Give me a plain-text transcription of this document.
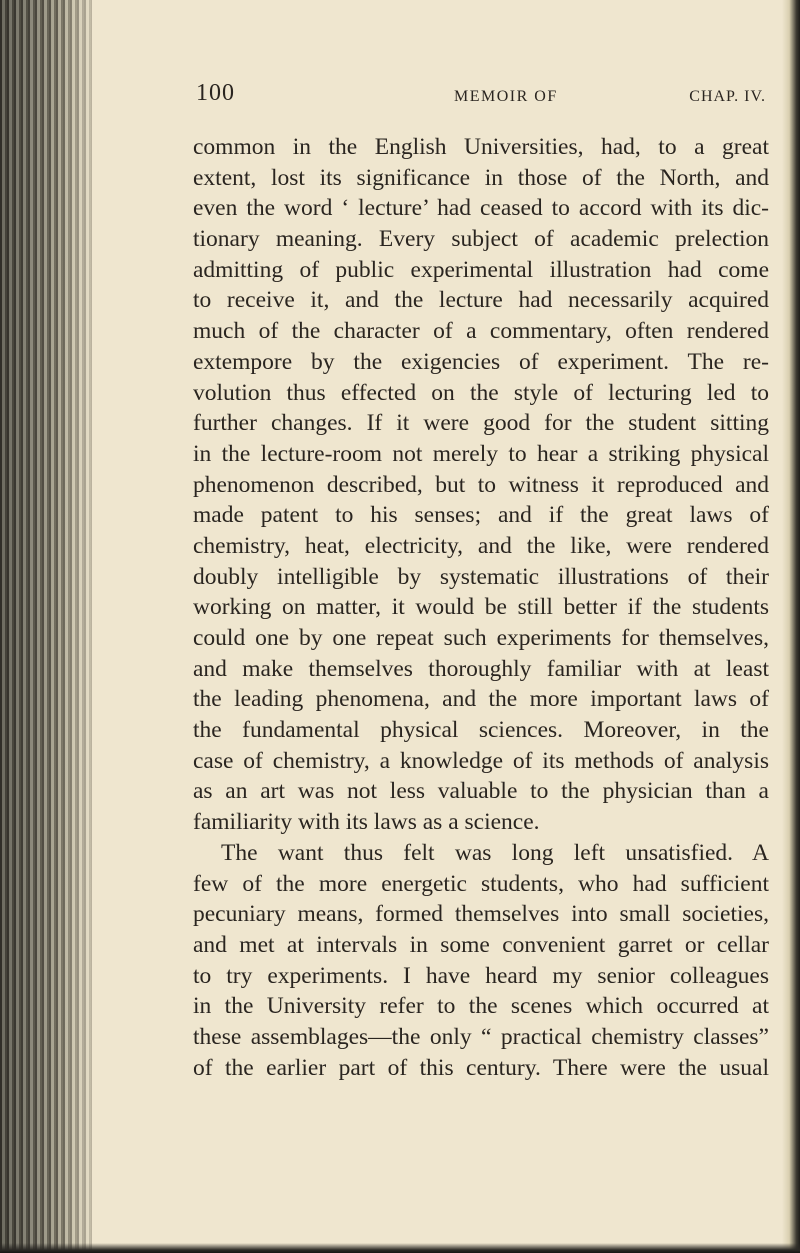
100	MEMOIR OF	CHAP. IV.
common in the English Universities, had, to a great
extent, lost its significance in those of the North, and
even the word ‘ lecture’ had ceased to accord with its dic-
tionary meaning. Every subject of academic prelection
admitting of public experimental illustration had come
to receive it, and the lecture had necessarily acquired
much of the character of a commentary, often rendered
extempore by the exigencies of experiment. The re-
volution thus effected on the style of lecturing led to
further changes. If it were good for the student sitting
in the lecture-room not merely to hear a striking physical
phenomenon described, but to witness it reproduced and
made patent to his senses; and if the great laws of
chemistry, heat, electricity, and the like, were rendered
doubly intelligible by systematic illustrations of their
working on matter, it would be still better if the students
could one by one repeat such experiments for themselves,
and make themselves thoroughly familiar with at least
the leading phenomena, and the more important laws of
the fundamental physical sciences. Moreover, in the
case of chemistry, a knowledge of its methods of analysis
as an art was not less valuable to the physician than a
familiarity with its laws as a science.
The want thus felt was long left unsatisfied. A
few of the more energetic students, who had sufficient
pecuniary means, formed themselves into small societies,
and met at intervals in some convenient garret or cellar
to try experiments. I have heard my senior colleagues
in the University refer to the scenes which occurred at
these assemblages—the only “ practical chemistry classes”
of the earlier part of this century. There were the usual
